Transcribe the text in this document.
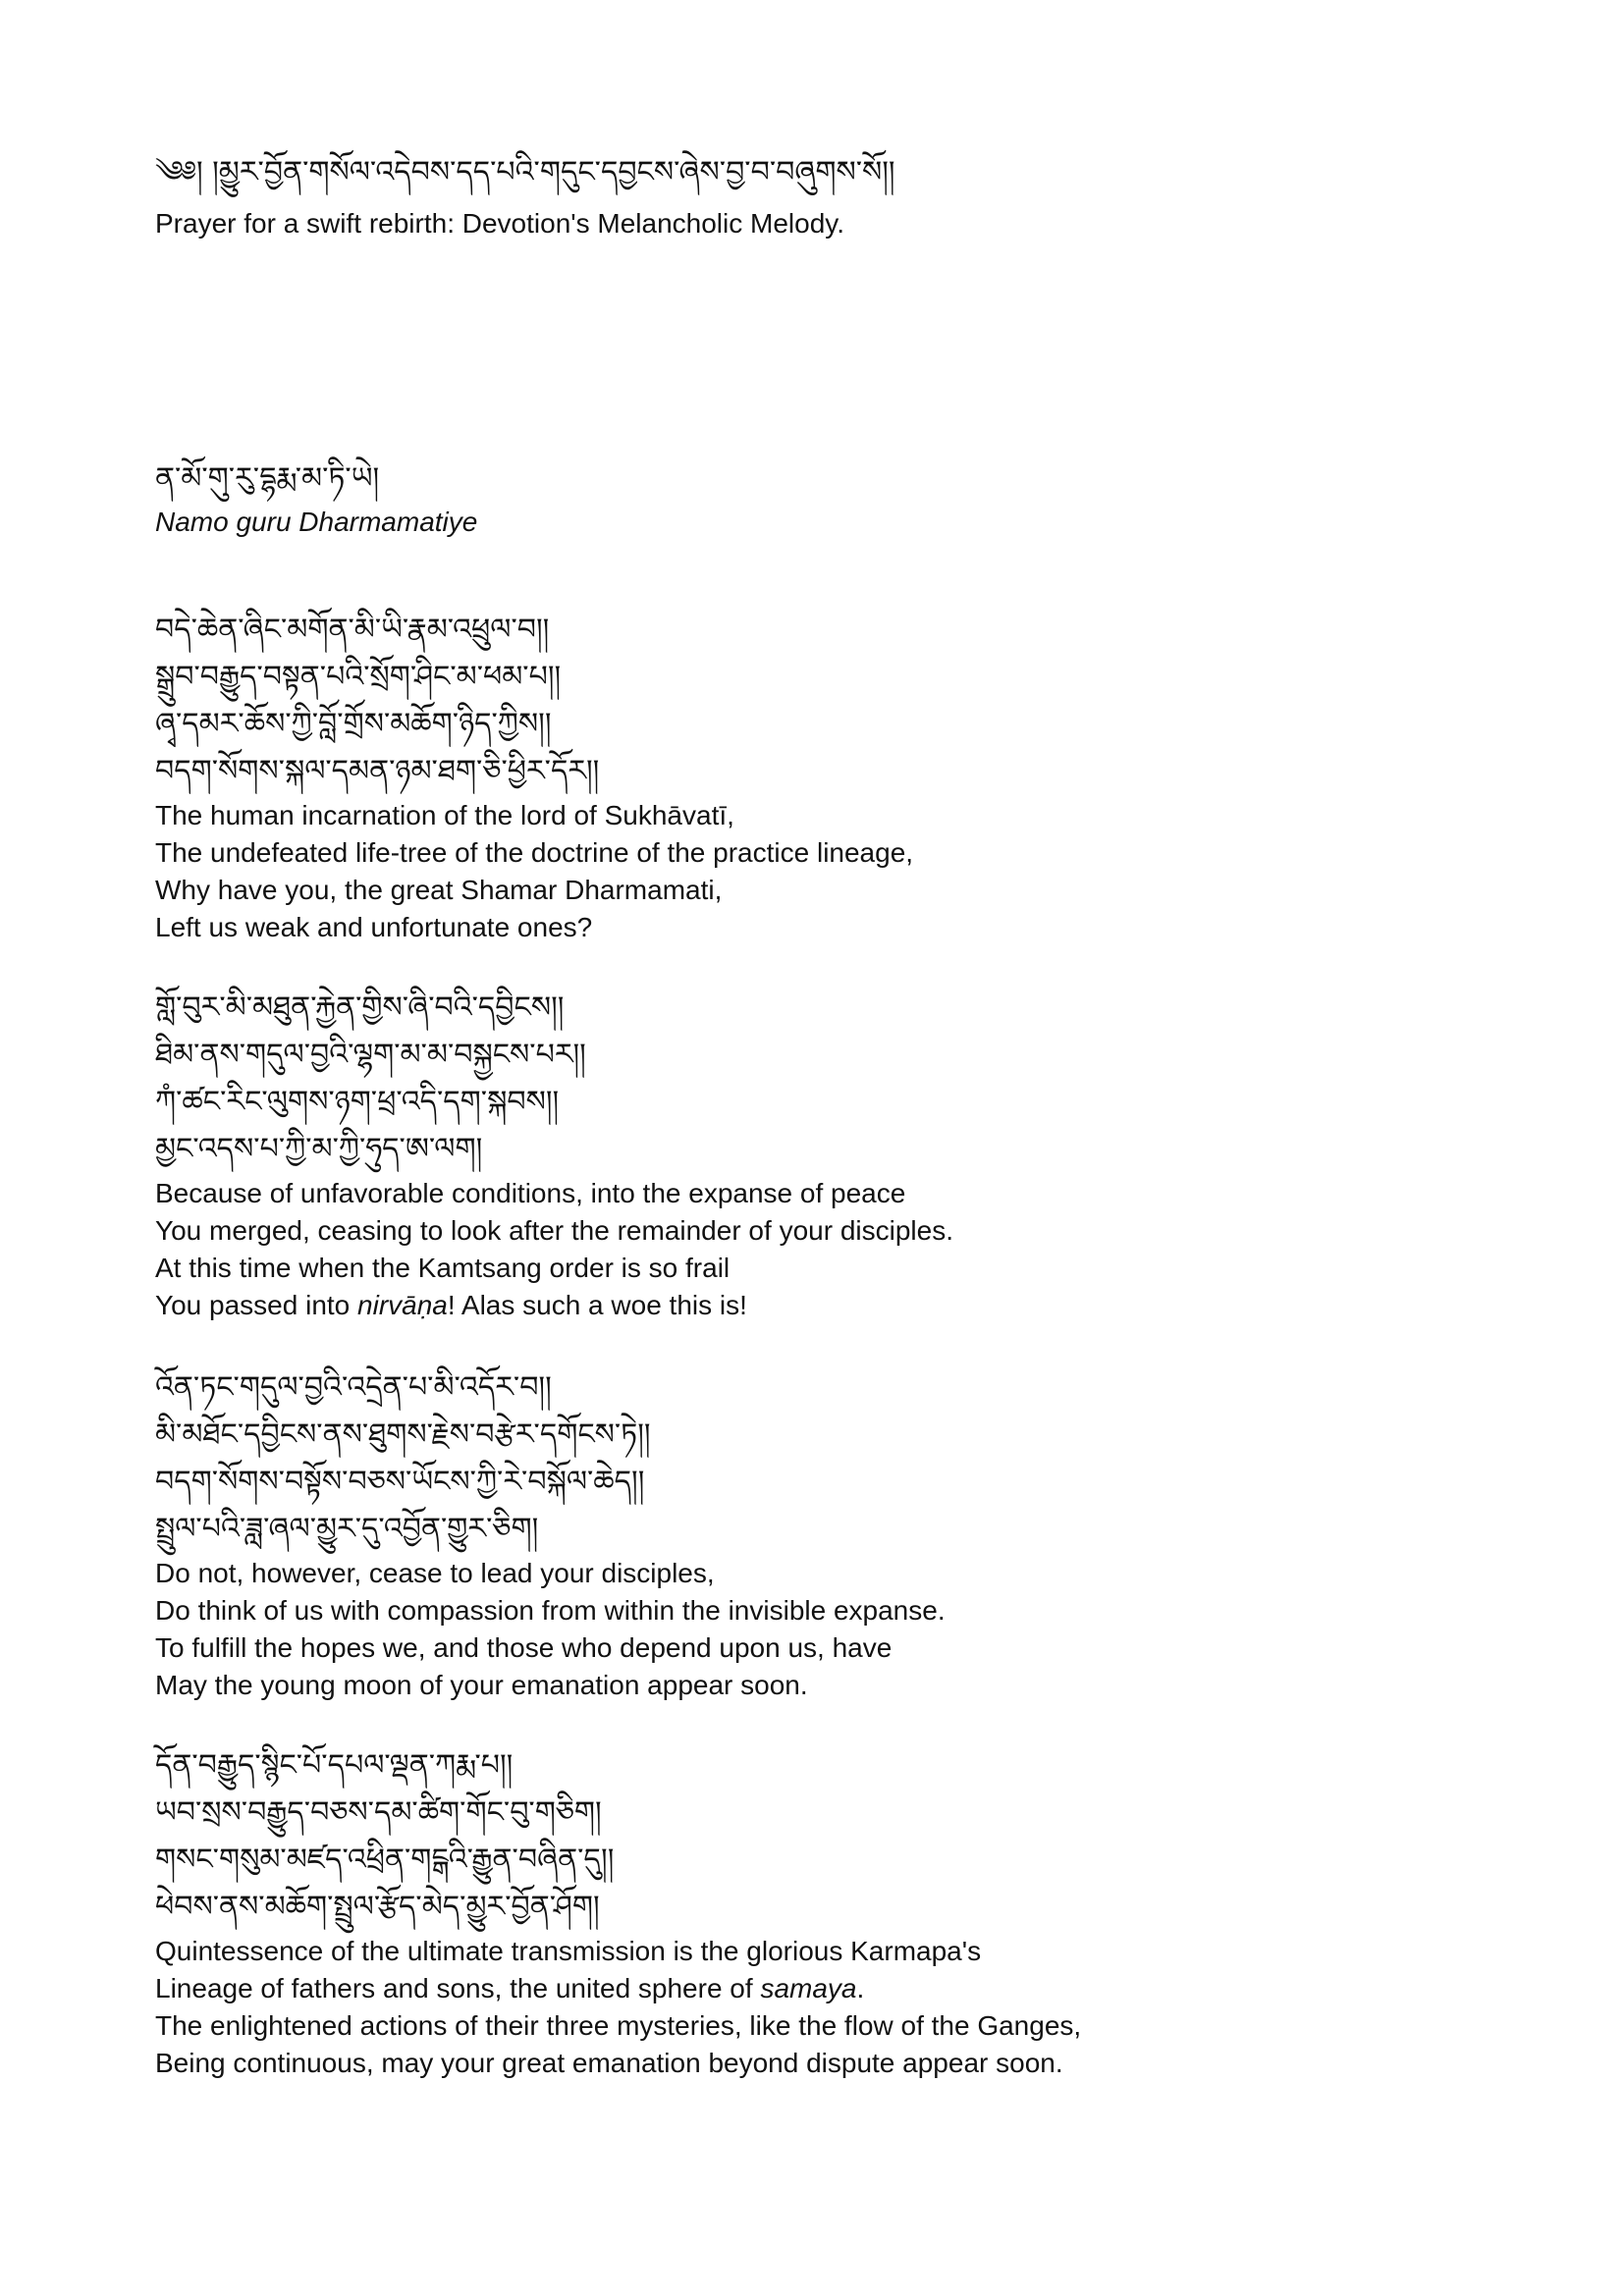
༄༅། །མྱུར་བྱོན་གསོལ་འདེབས་དད་པའི་གདུང་དབྱངས་ཞེས་བྱ་བ་བཞུགས་སོ།།
Prayer for a swift rebirth: Devotion's Melancholic Melody.
ན་མོ་གུ་རུ་དྷརྨ་མ་ཏི་ཡེ།
Namo guru Dharmamatiye
བདེ་ཆེན་ཞིང་མགོན་མི་ཡི་རྣམ་འཕྲུལ་བ།།
སྒྲུབ་བརྒྱུད་བསྟན་པའི་སྲོག་ཤིང་མ་ཕམ་པ།།
ཞྭ་དམར་ཆོས་ཀྱི་བློ་གྲོས་མཆོག་ཉིད་ཀྱིས།།
བདག་སོགས་སྐལ་དམན་ཉམ་ཐག་ཅི་ཕྱིར་དོར།།
The human incarnation of the lord of Sukhāvatī,
The undefeated life-tree of the doctrine of the practice lineage,
Why have you, the great Shamar Dharmamati,
Left us weak and unfortunate ones?
གློ་བུར་མི་མཐུན་རྐྱེན་གྱིས་ཞི་བའི་དབྱིངས།།
ཐིམ་ནས་གདུལ་བྱའི་ལྷག་མ་མ་བསྐྱངས་པར།།
ཀཾ་ཚང་རིང་ལུགས་ཉག་ཕྲ་འདི་དག་སྐབས།།
མྱང་འདས་པ་ཀྱི་མ་ཀྱི་ཧུད་ཨ་ལག།
Because of unfavorable conditions, into the expanse of peace
You merged, ceasing to look after the remainder of your disciples.
At this time when the Kamtsang order is so frail
You passed into nirvāṇa! Alas such a woe this is!
འོན་ཏང་གདུལ་བྱའི་འདྲེན་པ་མི་འདོར་བ།།
མི་མཐོང་དབྱིངས་ནས་ཐུགས་རྗེས་བརྩེར་དགོངས་ཏེ།།
བདག་སོགས་བསྟོས་བཅས་ཡོངས་ཀྱི་རེ་བསྐོལ་ཆེད།།
སྤྲུལ་པའི་ཟླ་ཞལ་མྱུར་དུ་འབྱོན་གྱུར་ཅིག།
Do not, however, cease to lead your disciples,
Do think of us with compassion from within the invisible expanse.
To fulfill the hopes we, and those who depend upon us, have
May the young moon of your emanation appear soon.
དོན་བརྒྱུད་སྙིང་པོ་དཔལ་ལྡན་ཀརྨ་པ།།
ཡབ་སྲས་བརྒྱུད་བཅས་དམ་ཚིག་གོང་བུ་གཅིག།
གསང་གསུམ་མཛད་འཕྲིན་གངྒའི་རྒྱུན་བཞིན་དུ།།
ཕེབས་ནས་མཆོག་སྤྲུལ་རྩོད་མེད་མྱུར་བྱོན་ཤོག།
Quintessence of the ultimate transmission is the glorious Karmapa's
Lineage of fathers and sons, the united sphere of samaya.
The enlightened actions of their three mysteries, like the flow of the Ganges,
Being continuous, may your great emanation beyond dispute appear soon.
